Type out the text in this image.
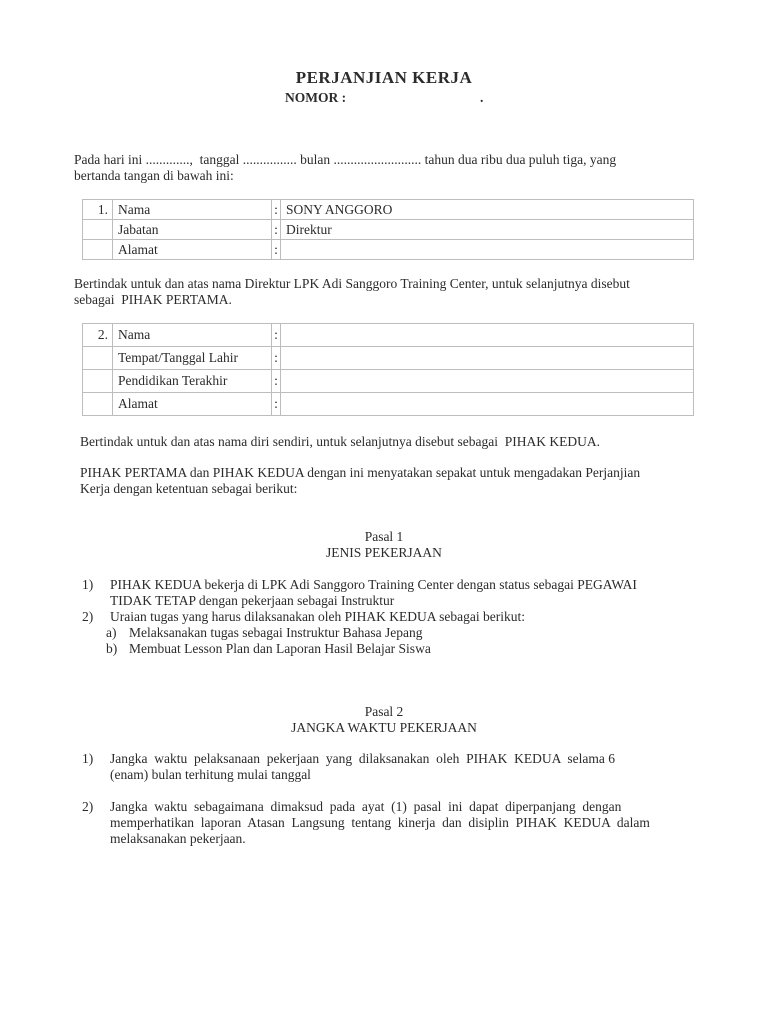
PERJANJIAN KERJA
NOMOR :	.
Pada hari ini .............,  tanggal ................ bulan .......................... tahun dua ribu dua puluh tiga, yang
bertanda tangan di bawah ini:
1.	Nama	:	SONY ANGGORO
	Jabatan	:	Direktur
	Alamat	:	
Bertindak untuk dan atas nama Direktur LPK Adi Sanggoro Training Center, untuk selanjutnya disebut
sebagai  PIHAK PERTAMA.
2.	Nama	:	
	Tempat/Tanggal Lahir	:	
	Pendidikan Terakhir	:	
	Alamat	:	
Bertindak untuk dan atas nama diri sendiri, untuk selanjutnya disebut sebagai  PIHAK KEDUA.
PIHAK PERTAMA dan PIHAK KEDUA dengan ini menyatakan sepakat untuk mengadakan Perjanjian
Kerja dengan ketentuan sebagai berikut:
Pasal 1
JENIS PEKERJAAN
1)	PIHAK KEDUA bekerja di LPK Adi Sanggoro Training Center dengan status sebagai PEGAWAI
TIDAK TETAP dengan pekerjaan sebagai Instruktur
2)	Uraian tugas yang harus dilaksanakan oleh PIHAK KEDUA sebagai berikut:
a) Melaksanakan tugas sebagai Instruktur Bahasa Jepang
b) Membuat Lesson Plan dan Laporan Hasil Belajar Siswa
Pasal 2
JANGKA WAKTU PEKERJAAN
1)	Jangka  waktu  pelaksanaan  pekerjaan  yang  dilaksanakan  oleh  PIHAK  KEDUA  selama 6
(enam) bulan terhitung mulai tanggal
2)	Jangka  waktu  sebagaimana  dimaksud  pada  ayat  (1)  pasal  ini  dapat  diperpanjang  dengan
memperhatikan  laporan  Atasan  Langsung  tentang  kinerja  dan  disiplin  PIHAK  KEDUA  dalam
melaksanakan pekerjaan.
